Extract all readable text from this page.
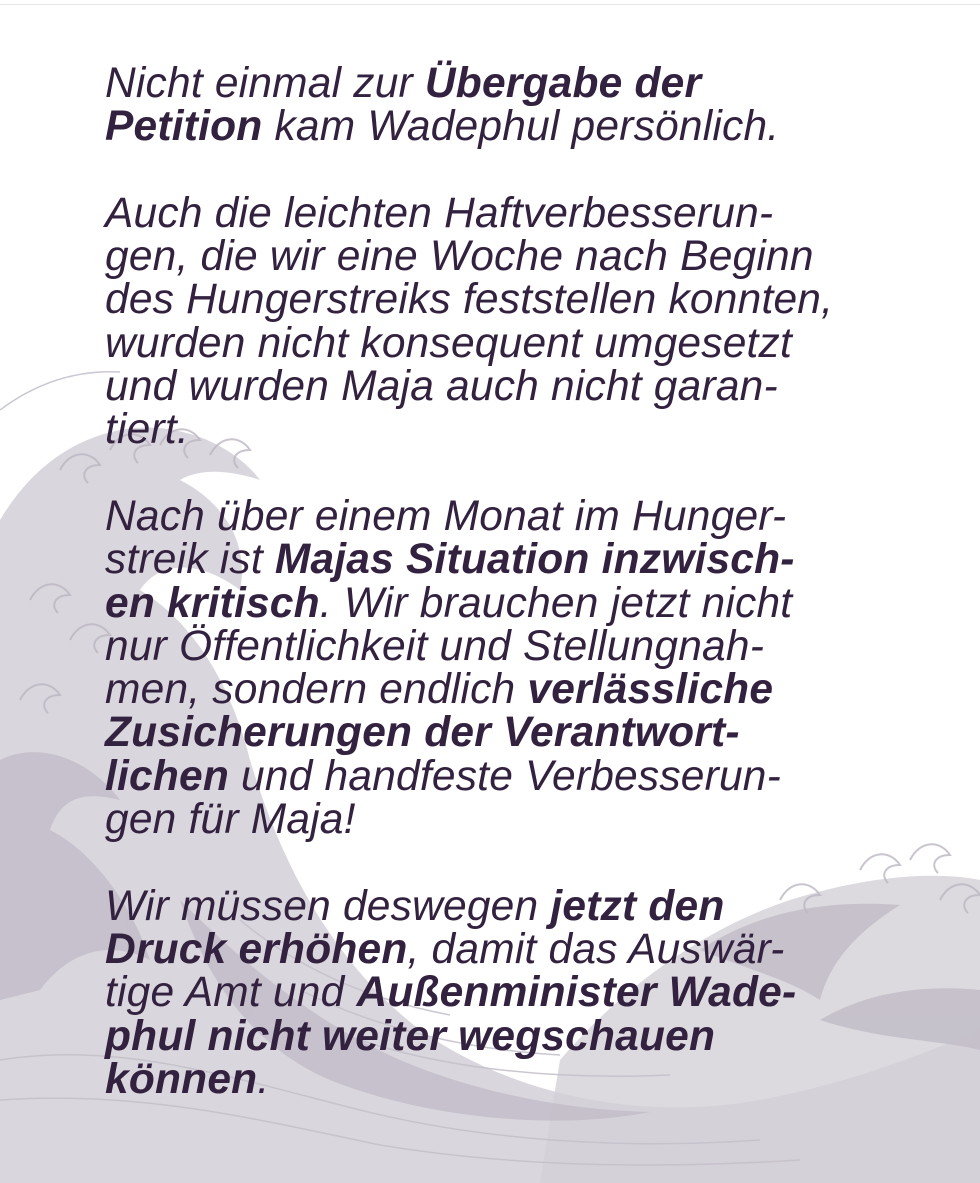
Nicht einmal zur Übergabe der
Petition kam Wadephul persönlich.
Auch die leichten Haftverbesserun-
gen, die wir eine Woche nach Beginn
des Hungerstreiks feststellen konnten,
wurden nicht konsequent umgesetzt
und wurden Maja auch nicht garan-
tiert.
Nach über einem Monat im Hunger-
streik ist Majas Situation inzwisch-
en kritisch. Wir brauchen jetzt nicht
nur Öffentlichkeit und Stellungnah-
men, sondern endlich verlässliche
Zusicherungen der Verantwort-
lichen und handfeste Verbesserun-
gen für Maja!
Wir müssen deswegen jetzt den
Druck erhöhen, damit das Auswär-
tige Amt und Außenminister Wade-
phul nicht weiter wegschauen
können.
